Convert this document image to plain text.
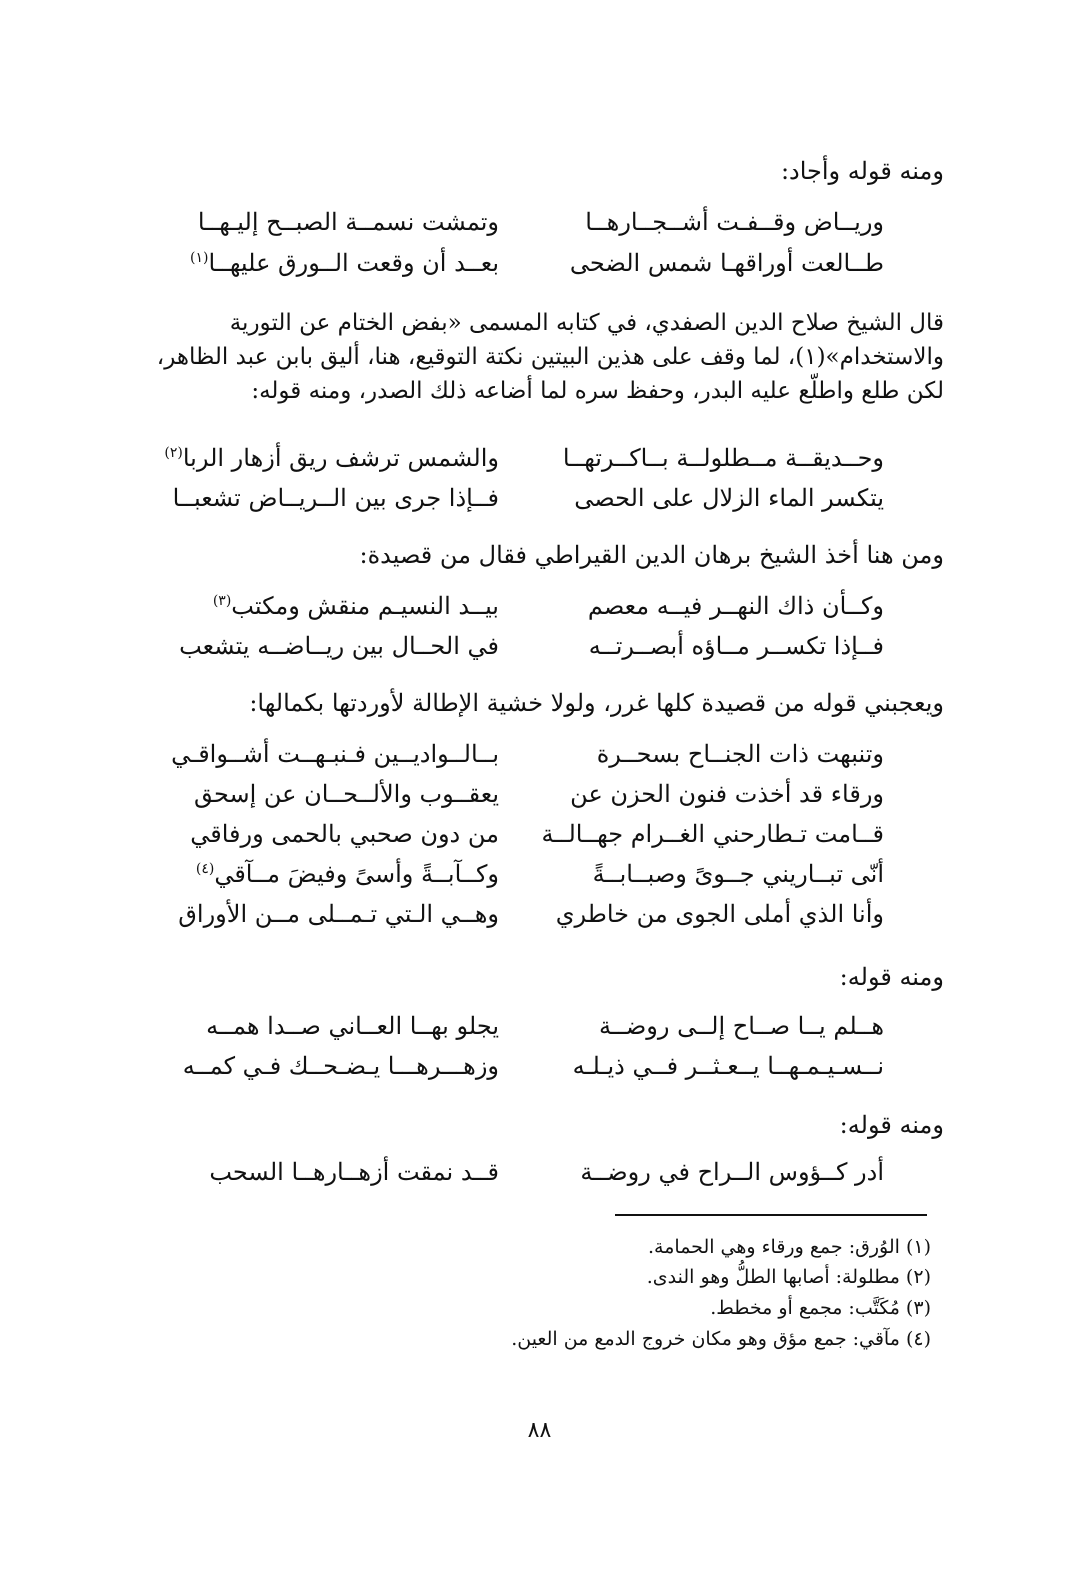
ومنه قوله وأجاد:
وريــاض وقــفـت أشــجــارهــا
وتمشت نسمــة الصبــح إليـهــا
طــالعت أوراقهـا شمس الضحى
بعــد أن وقعت الــورق عليهــا$^{(١)}$
قال الشيخ صلاح الدين الصفدي، في كتابه المسمى «بفض الختام عن التورية
والاستخدام»(١)، لما وقف على هذين البيتين نكتة التوقيع، هنا، أليق بابن عبد الظاهر،
لكن طلع واطلّع عليه البدر، وحفظ سره لما أضاعه ذلك الصدر، ومنه قوله:
وحــديقــة مــطلولــة بــاكــرتهــا
والشمس ترشف ريق أزهار الربا$^{(٢)}$
يتكسر الماء الزلال على الحصى
فــإذا جرى بين الــريــاض تشعبــا
ومن هنا أخذ الشيخ برهان الدين القيراطي فقال من قصيدة:
وكــأن ذاك النهــر فيــه معصم
بيــد النسيـم منقش ومكتب$^{(٣)}$
فــإذا تكســر مــاؤه أبصــرتــه
في الحــال بين ريــاضــه يتشعب
ويعجبني قوله من قصيدة كلها غرر، ولولا خشية الإطالة لأوردتها بكمالها:
وتنبهت ذات الجنــاح بسحــرة
بــالــواديــين فـنبـهــت أشــواقـي
ورقاء قد أخذت فنون الحزن عن
يعقــوب والألــحــان عن إسحق
قــامت تـطارحني الغــرام جهــالــة
من دون صحبي بالحمى ورفاقي
أنّى تبــاريني جــوىً وصبــابــةً
وكــآبــةً وأسىً وفيضَ مــآقي$^{(٤)}$
وأنا الذي أملى الجوى من خاطري
وهــي الـتي تـمــلى مــن الأوراق
ومنه قوله:
هــلم يــا صــاح إلــى روضــة
يجلو بهــا العــاني صــدا همــه
نــسـيـمـهــا يــعـثــر فــي ذيـلـه
وزهـــرهـــا يـضـحــك فـي كمــه
ومنه قوله:
أدر كــؤوس الــراح في روضــة
قــد نمقت أزهــارهــا السحب
(١) الوُرق: جمع ورقاء وهي الحمامة.
(٢) مطلولة: أصابها الطلُّ وهو الندى.
(٣) مُكَتَّب: مجمع أو مخطط.
(٤) مآقي: جمع مؤق وهو مكان خروج الدمع من العين.
٨٨
